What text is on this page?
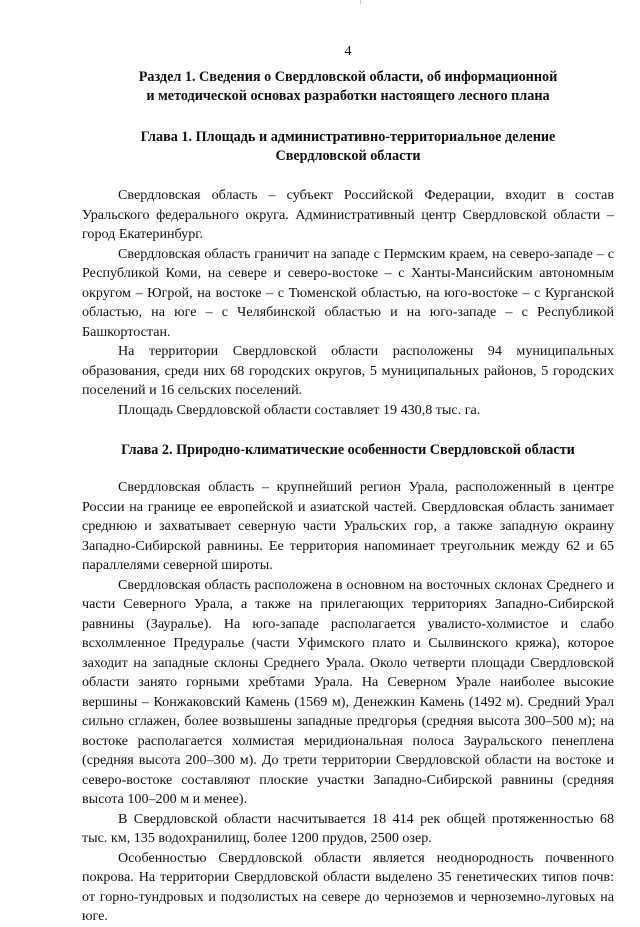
4
Раздел 1. Сведения о Свердловской области, об информационной
и методической основах разработки настоящего лесного плана
Глава 1. Площадь и административно-территориальное деление
Свердловской области

Свердловская область – субъект Российской Федерации, входит в состав Уральского федерального округа. Административный центр Свердловской области – город Екатеринбург.

Свердловская область граничит на западе с Пермским краем, на северо-западе – с Республикой Коми, на севере и северо-востоке – с Ханты-Мансийским автономным округом – Югрой, на востоке – с Тюменской областью, на юго-востоке – с Курганской областью, на юге – с Челябинской областью и на юго-западе – с Республикой Башкортостан.

На территории Свердловской области расположены 94 муниципальных образования, среди них 68 городских округов, 5 муниципальных районов, 5 городских поселений и 16 сельских поселений.

Площадь Свердловской области составляет 19 430,8 тыс. га.

Глава 2. Природно-климатические особенности Свердловской области

Свердловская область – крупнейший регион Урала, расположенный в центре России на границе ее европейской и азиатской частей. Свердловская область занимает среднюю и захватывает северную части Уральских гор, а также западную окраину Западно-Сибирской равнины. Ее территория напоминает треугольник между 62 и 65 параллелями северной широты.

Свердловская область расположена в основном на восточных склонах Среднего и части Северного Урала, а также на прилегающих территориях Западно-Сибирской равнины (Зауралье). На юго-западе располагается увалисто-холмистое и слабо всхолмленное Предуралье (части Уфимского плато и Сылвинского кряжа), которое заходит на западные склоны Среднего Урала. Около четверти площади Свердловской области занято горными хребтами Урала. На Северном Урале наиболее высокие вершины – Конжаковский Камень (1569 м), Денежкин Камень (1492 м). Средний Урал сильно сглажен, более возвышены западные предгорья (средняя высота 300–500 м); на востоке располагается холмистая меридиональная полоса Зауральского пенеплена (средняя высота 200–300 м). До трети территории Свердловской области на востоке и северо-востоке составляют плоские участки Западно-Сибирской равнины (средняя высота 100–200 м и менее).

В Свердловской области насчитывается 18 414 рек общей протяженностью 68 тыс. км, 135 водохранилищ, более 1200 прудов, 2500 озер.

Особенностью Свердловской области является неоднородность почвенного покрова. На территории Свердловской области выделено 35 генетических типов почв: от горно-тундровых и подзолистых на севере до черноземов и черноземно-луговых на юге.
